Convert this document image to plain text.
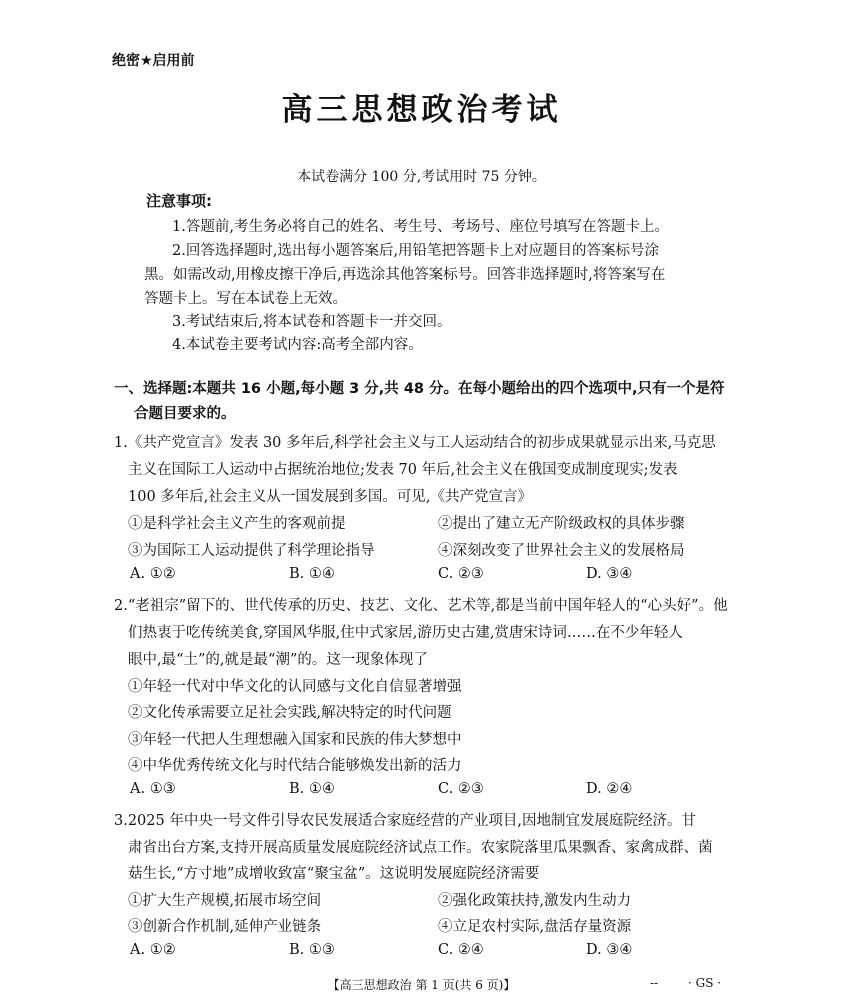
绝密★启用前
高三思想政治考试
本试卷满分 100 分,考试用时 75 分钟。
注意事项:
1.答题前,考生务必将自己的姓名、考生号、考场号、座位号填写在答题卡上。
2.回答选择题时,选出每小题答案后,用铅笔把答题卡上对应题目的答案标号涂
黑。如需改动,用橡皮擦干净后,再选涂其他答案标号。回答非选择题时,将答案写在
答题卡上。写在本试卷上无效。
3.考试结束后,将本试卷和答题卡一并交回。
4.本试卷主要考试内容:高考全部内容。
一、选择题:本题共 16 小题,每小题 3 分,共 48 分。在每小题给出的四个选项中,只有一个是符
合题目要求的。
1.《共产党宣言》发表 30 多年后,科学社会主义与工人运动结合的初步成果就显示出来,马克思
主义在国际工人运动中占据统治地位;发表 70 年后,社会主义在俄国变成制度现实;发表
100 多年后,社会主义从一国发展到多国。可见,《共产党宣言》
①是科学社会主义产生的客观前提	②提出了建立无产阶级政权的具体步骤
③为国际工人运动提供了科学理论指导	④深刻改变了世界社会主义的发展格局
A. ①②	B. ①④	C. ②③	D. ③④
2.“老祖宗”留下的、世代传承的历史、技艺、文化、艺术等,都是当前中国年轻人的“心头好”。他
们热衷于吃传统美食,穿国风华服,住中式家居,游历史古建,赏唐宋诗词……在不少年轻人
眼中,最“土”的,就是最“潮”的。这一现象体现了
①年轻一代对中华文化的认同感与文化自信显著增强
②文化传承需要立足社会实践,解决特定的时代问题
③年轻一代把人生理想融入国家和民族的伟大梦想中
④中华优秀传统文化与时代结合能够焕发出新的活力
A. ①③	B. ①④	C. ②③	D. ②④
3.2025 年中央一号文件引导农民发展适合家庭经营的产业项目,因地制宜发展庭院经济。甘
肃省出台方案,支持开展高质量发展庭院经济试点工作。农家院落里瓜果飘香、家禽成群、菌
菇生长,“方寸地”成增收致富“聚宝盆”。这说明发展庭院经济需要
①扩大生产规模,拓展市场空间	②强化政策扶持,激发内生动力
③创新合作机制,延伸产业链条	④立足农村实际,盘活存量资源
A. ①②	B. ①③	C. ②④	D. ③④
【高三思想政治 第 1 页(共 6 页)】	-- · GS ·
